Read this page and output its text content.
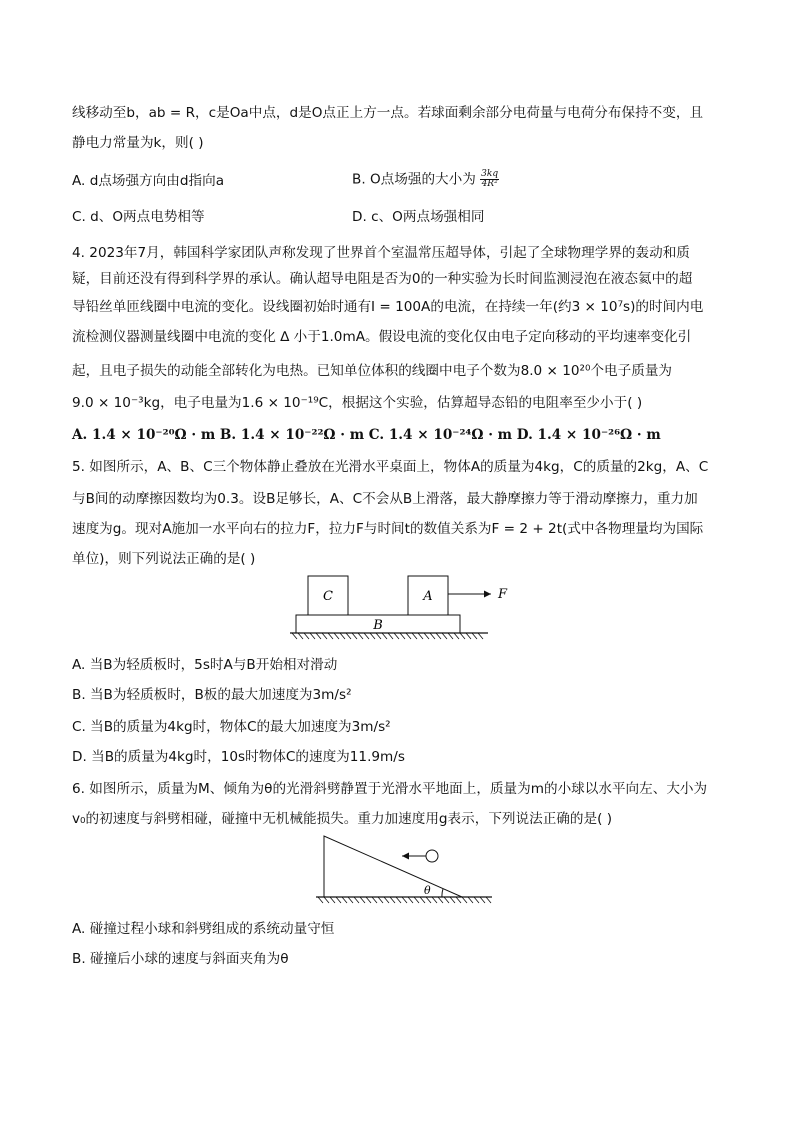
线移动至b，ab = R，c是Oa中点，d是O点正上方一点。若球面剩余部分电荷量与电荷分布保持不变，且
静电力常量为k，则( )
A. d点场强方向由d指向a	B. O点场强的大小为 $\frac{3kq}{\text{4R²}}$
C. d、O两点电势相等	D. c、O两点场强相同
4. 2023年7月，韩国科学家团队声称发现了世界首个室温常压超导体，引起了全球物理学界的轰动和质
疑，目前还没有得到科学界的承认。确认超导电阻是否为0的一种实验为长时间监测浸泡在液态氦中的超
导铅丝单匝线圈中电流的变化。设线圈初始时通有I = 100A的电流，在持续一年(约3 × 10⁷s)的时间内电
流检测仪器测量线圈中电流的变化 ∆ 小于1.0mA。假设电流的变化仅由电子定向移动的平均速率变化引
起，且电子损失的动能全部转化为电热。已知单位体积的线圈中电子个数为8.0 × 10²⁰个电子质量为
9.0 × 10⁻³kg，电子电量为1.6 × 10⁻¹⁹C，根据这个实验，估算超导态铅的电阻率至少小于( )
A. 1.4 × 10⁻²⁰Ω · m B. 1.4 × 10⁻²²Ω · m C. 1.4 × 10⁻²⁴Ω · m D. 1.4 × 10⁻²⁶Ω · m
5. 如图所示，A、B、C三个物体静止叠放在光滑水平桌面上，物体A的质量为4kg，C的质量的2kg，A、C
与B间的动摩擦因数均为0.3。设B足够长，A、C不会从B上滑落，最大静摩擦力等于滑动摩擦力，重力加
速度为g。现对A施加一水平向右的拉力F，拉力F与时间t的数值关系为F = 2 + 2t(式中各物理量均为国际
单位)，则下列说法正确的是( )
C	A	F
B
A. 当B为轻质板时，5s时A与B开始相对滑动
B. 当B为轻质板时，B板的最大加速度为3m/s²
C. 当B的质量为4kg时，物体C的最大加速度为3m/s²
D. 当B的质量为4kg时，10s时物体C的速度为11.9m/s
6. 如图所示，质量为M、倾角为θ的光滑斜劈静置于光滑水平地面上，质量为m的小球以水平向左、大小为
v₀的初速度与斜劈相碰，碰撞中无机械能损失。重力加速度用g表示，下列说法正确的是( )
θ
A. 碰撞过程小球和斜劈组成的系统动量守恒
B. 碰撞后小球的速度与斜面夹角为θ
